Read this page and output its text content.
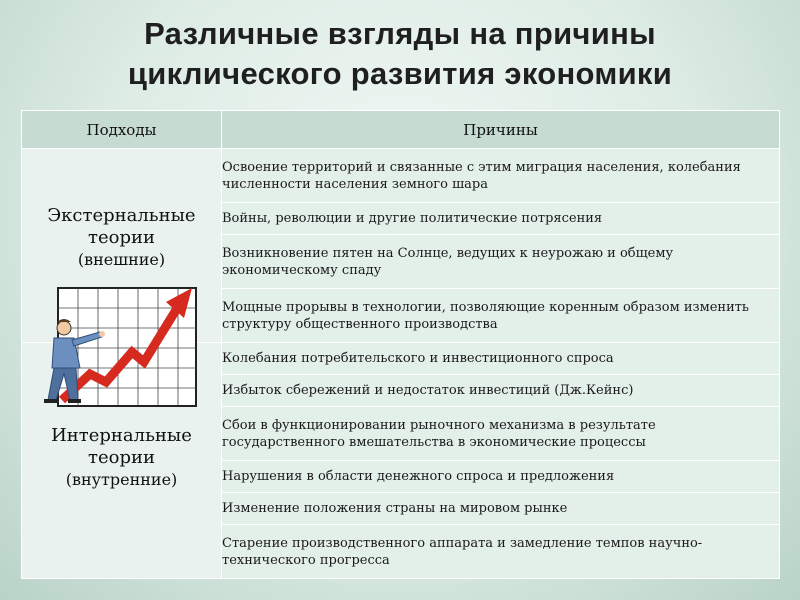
Различные взгляды на причины
циклического развития экономики
Подходы	Причины

Экстернальные
теории
(внешние)	Освоение территорий и связанные с этим миграция населения, колебания численности населения земного шара
	Войны, революции и другие политические потрясения
	Возникновение пятен на Солнце, ведущих к неурожаю и общему экономическому спаду
	Мощные прорывы в технологии, позволяющие коренным образом изменить структуру общественного производства

Интернальные
теории
(внутренние)	Колебания потребительского и инвестиционного спроса
	Избыток сбережений и недостаток инвестиций (Дж.Кейнс)
	Сбои в функционировании рыночного механизма в результате государственного вмешательства в экономические процессы
	Нарушения в области денежного спроса и предложения
	Изменение положения страны на мировом рынке
	Старение производственного аппарата и замедление темпов научно-технического прогресса
